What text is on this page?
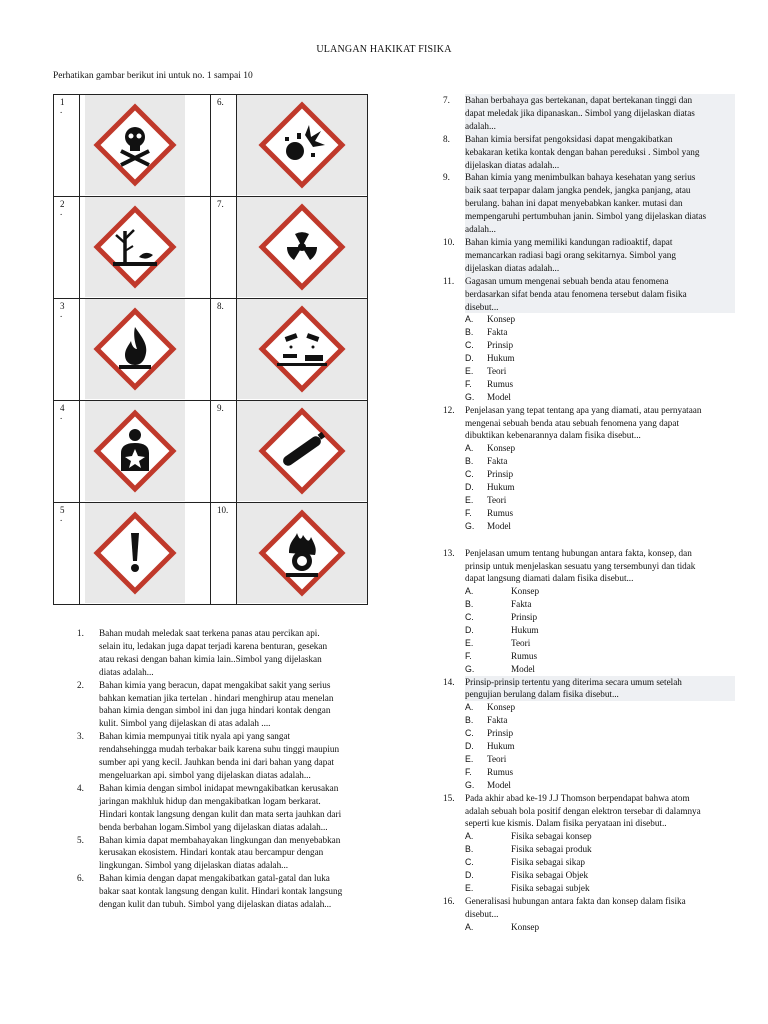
ULANGAN HAKIKAT FISIKA
Perhatikan gambar berikut ini untuk no. 1 sampai 10
1
.		6.	

2
.		7.	

3
.		8.	

4
.		9.	

5
.		10.	
1. Bahan mudah meledak saat terkena panas atau percikan api.
selain itu, ledakan juga dapat terjadi karena benturan, gesekan
atau rekasi dengan bahan kimia lain..Simbol yang dijelaskan
diatas adalah...
2. Bahan kimia yang beracun, dapat mengakibat sakit yang serius
bahkan kematian jika tertelan . hindari menghirup atau menelan
bahan kimia dengan simbol ini dan juga hindari kontak dengan
kulit. Simbol yang dijelaskan di atas adalah ....
3. Bahan kimia mempunyai titik nyala api yang sangat
rendahsehingga mudah terbakar baik karena suhu tinggi maupiun
sumber api yang kecil. Jauhkan benda ini dari bahan yang dapat
mengeluarkan api. simbol yang dijelaskan diatas adalah...
4. Bahan kimia dengan simbol inidapat mewngakibatkan kerusakan
jaringan makhluk hidup dan mengakibatkan logam berkarat.
Hindari kontak langsung dengan kulit dan mata serta jauhkan dari
benda berbahan logam.Simbol yang dijelaskan diatas adalah...
5. Bahan kimia dapat membahayakan lingkungan dan menyebabkan
kerusakan ekosistem. Hindari kontak atau bercampur dengan
lingkungan. Simbol yang dijelaskan diatas adalah...
6. Bahan kimia dengan dapat mengakibatkan gatal-gatal dan luka
bakar saat kontak langsung dengan kulit. Hindari kontak langsung
dengan kulit dan tubuh. Simbol yang dijelaskan diatas adalah...
7. Bahan berbahaya gas bertekanan, dapat bertekanan tinggi dan
dapat meledak jika dipanaskan.. Simbol yang dijelaskan diatas
adalah...
8. Bahan kimia bersifat pengoksidasi dapat mengakibatkan
kebakaran ketika kontak dengan bahan pereduksi . Simbol yang
dijelaskan diatas adalah...
9. Bahan kimia yang menimbulkan bahaya kesehatan yang serius
baik saat terpapar dalam jangka pendek, jangka panjang, atau
berulang. bahan ini dapat menyebabkan kanker. mutasi dan
mempengaruhi pertumbuhan janin. Simbol yang dijelaskan diatas
adalah...
10. Bahan kimia yang memiliki kandungan radioaktif, dapat
memancarkan radiasi bagi orang sekitarnya. Simbol yang
dijelaskan diatas adalah...
11. Gagasan umum mengenai sebuah benda atau fenomena
berdasarkan sifat benda atau fenomena tersebut dalam fisika
disebut...
A. Konsep
B. Fakta
C. Prinsip
D. Hukum
E. Teori
F. Rumus
G. Model
12. Penjelasan yang tepat tentang apa yang diamati, atau pernyataan
mengenai sebuah benda atau sebuah fenomena yang dapat
dibuktikan kebenarannya dalam fisika disebut...
A. Konsep
B. Fakta
C. Prinsip
D. Hukum
E. Teori
F. Rumus
G. Model
13. Penjelasan umum tentang hubungan antara fakta, konsep, dan
prinsip untuk menjelaskan sesuatu yang tersembunyi dan tidak
dapat langsung diamati dalam fisika disebut...
A.	Konsep
B.	Fakta
C.	Prinsip
D.	Hukum
E.	Teori
F.	Rumus
G.	Model
14. Prinsip-prinsip tertentu yang diterima secara umum setelah
pengujian berulang dalam fisika disebut...
A. Konsep
B. Fakta
C. Prinsip
D. Hukum
E. Teori
F. Rumus
G. Model
15. Pada akhir abad ke-19 J.J Thomson berpendapat bahwa atom
adalah sebuah bola positif dengan elektron tersebar di dalamnya
seperti kue kismis. Dalam fisika peryataan ini disebut..
A.	Fisika sebagai konsep
B.	Fisika sebagai produk
C.	Fisika sebagai sikap
D.	Fisika sebagai Objek
E.	Fisika sebagai subjek
16. Generalisasi hubungan antara fakta dan konsep dalam fisika
disebut...
A.	Konsep
